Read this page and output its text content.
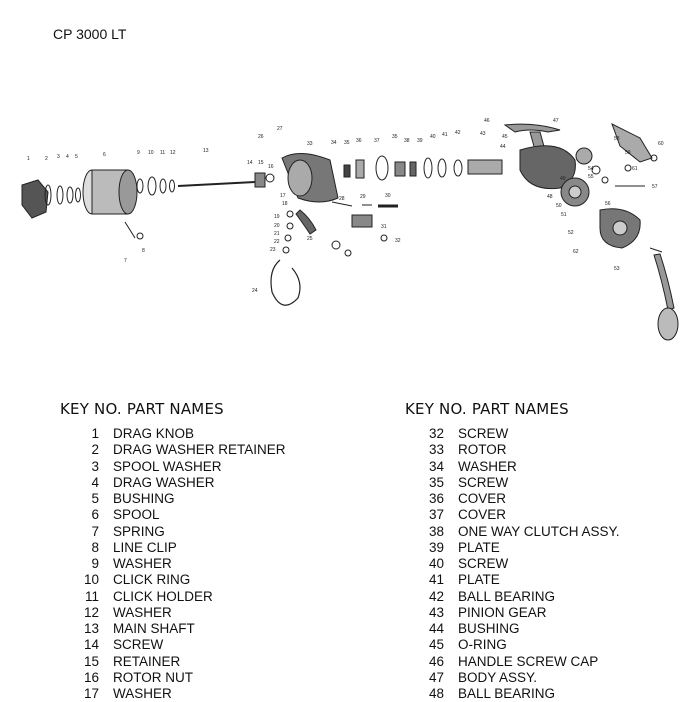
CP 3000 LT
1	2 3 4 5	6
7
8
9 10 11 12	13
14 15
16
17
18
19
20
21
22
23
24
25
26
27
28	29	30
31
32
33	34 35 36 37
35
38 39
40 41 42	43
44
45
46	47
48
49
50
51
52
53
54
55
56
57
58
59
60
61
62
KEY NO. PART NAMES
1 DRAG KNOB
2 DRAG WASHER RETAINER
3 SPOOL WASHER
4 DRAG WASHER
5 BUSHING
6 SPOOL
7 SPRING
8 LINE CLIP
9 WASHER
10 CLICK RING
11 CLICK HOLDER
12 WASHER
13 MAIN SHAFT
14 SCREW
15 RETAINER
16 ROTOR NUT
17 WASHER
KEY NO. PART NAMES
32 SCREW
33 ROTOR
34 WASHER
35 SCREW
36 COVER
37 COVER
38 ONE WAY CLUTCH ASSY.
39 PLATE
40 SCREW
41 PLATE
42 BALL BEARING
43 PINION GEAR
44 BUSHING
45 O-RING
46 HANDLE SCREW CAP
47 BODY ASSY.
48 BALL BEARING
